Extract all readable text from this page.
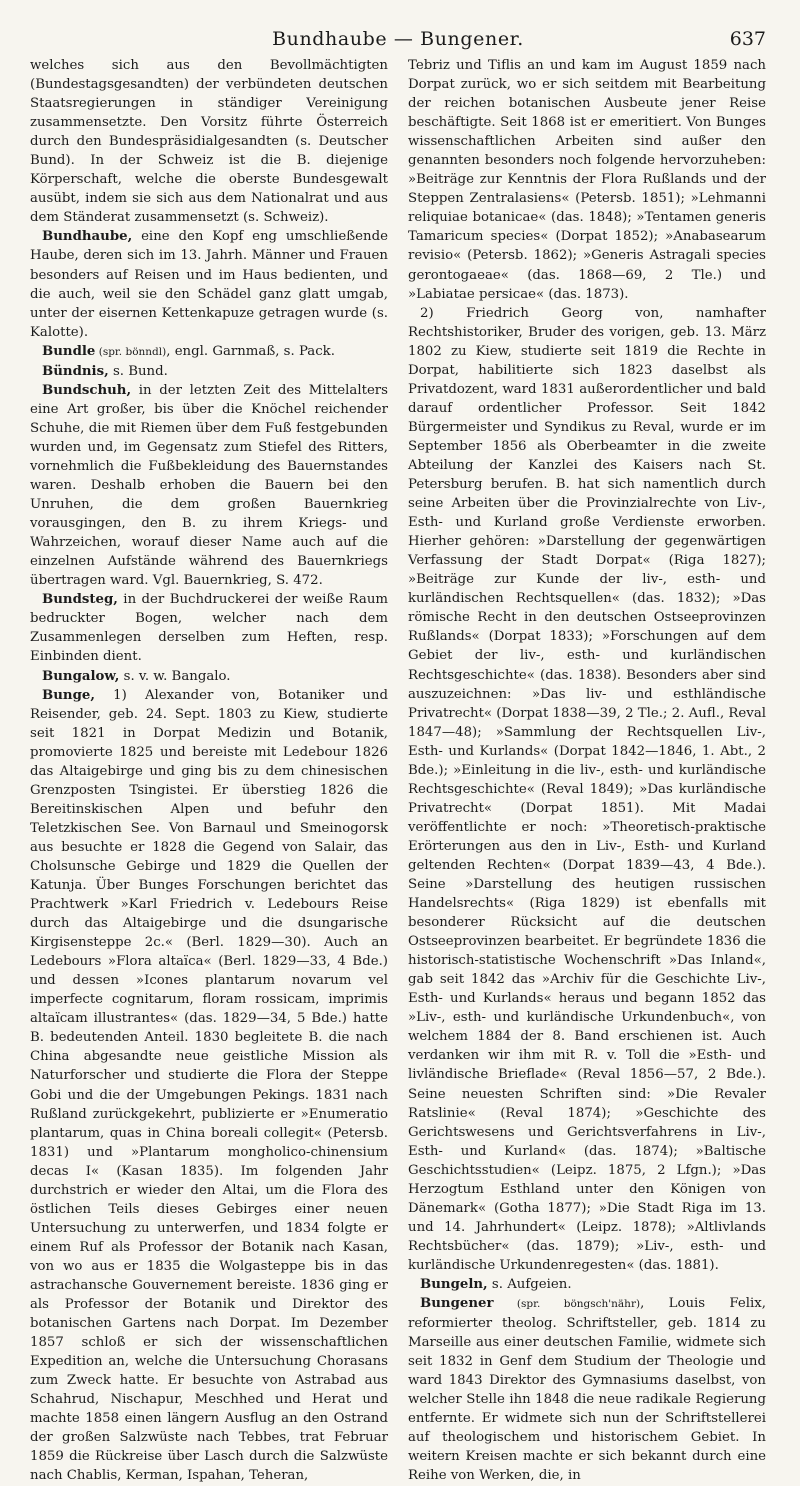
Bundhaube — Bungener.	637

welches sich aus den Bevollmächtigten (Bundestagsgesandten) der verbündeten deutschen Staatsregierungen in ständiger Vereinigung zusammensetzte. Den Vorsitz führte Österreich durch den Bundespräsidialgesandten (s. Deutscher Bund). In der Schweiz ist die B. diejenige Körperschaft, welche die oberste Bundesgewalt ausübt, indem sie sich aus dem Nationalrat und aus dem Ständerat zusammensetzt (s. Schweiz).

Bundhaube, eine den Kopf eng umschließende Haube, deren sich im 13. Jahrh. Männer und Frauen besonders auf Reisen und im Haus bedienten, und die auch, weil sie den Schädel ganz glatt umgab, unter der eisernen Kettenkapuze getragen wurde (s. Kalotte).

Bundle (spr. bönndl), engl. Garnmaß, s. Pack.

Bündnis, s. Bund.

Bundschuh, in der letzten Zeit des Mittelalters eine Art großer, bis über die Knöchel reichender Schuhe, die mit Riemen über dem Fuß festgebunden wurden und, im Gegensatz zum Stiefel des Ritters, vornehmlich die Fußbekleidung des Bauernstandes waren. Deshalb erhoben die Bauern bei den Unruhen, die dem großen Bauernkrieg vorausgingen, den B. zu ihrem Kriegs- und Wahrzeichen, worauf dieser Name auch auf die einzelnen Aufstände während des Bauernkriegs übertragen ward. Vgl. Bauernkrieg, S. 472.

Bundsteg, in der Buchdruckerei der weiße Raum bedruckter Bogen, welcher nach dem Zusammenlegen derselben zum Heften, resp. Einbinden dient.

Bungalow, s. v. w. Bangalo.

Bunge, 1) Alexander von, Botaniker und Reisender, geb. 24. Sept. 1803 zu Kiew, studierte seit 1821 in Dorpat Medizin und Botanik, promovierte 1825 und bereiste mit Ledebour 1826 das Altaigebirge und ging bis zu dem chinesischen Grenzposten Tsingistei. Er überstieg 1826 die Bereitinskischen Alpen und befuhr den Teletzkischen See. Von Barnaul und Smeinogorsk aus besuchte er 1828 die Gegend von Salair, das Cholsunsche Gebirge und 1829 die Quellen der Katunja. Über Bunges Forschungen berichtet das Prachtwerk »Karl Friedrich v. Ledebours Reise durch das Altaigebirge und die dsungarische Kirgisensteppe 2c.« (Berl. 1829—30). Auch an Ledebours »Flora altaïca« (Berl. 1829—33, 4 Bde.) und dessen »Icones plantarum novarum vel imperfecte cognitarum, floram rossicam, imprimis altaïcam illustrantes« (das. 1829—34, 5 Bde.) hatte B. bedeutenden Anteil. 1830 begleitete B. die nach China abgesandte neue geistliche Mission als Naturforscher und studierte die Flora der Steppe Gobi und die der Umgebungen Pekings. 1831 nach Rußland zurückgekehrt, publizierte er »Enumeratio plantarum, quas in China boreali collegit« (Petersb. 1831) und »Plantarum mongholico-chinensium decas I« (Kasan 1835). Im folgenden Jahr durchstrich er wieder den Altai, um die Flora des östlichen Teils dieses Gebirges einer neuen Untersuchung zu unterwerfen, und 1834 folgte er einem Ruf als Professor der Botanik nach Kasan, von wo aus er 1835 die Wolgasteppe bis in das astrachansche Gouvernement bereiste. 1836 ging er als Professor der Botanik und Direktor des botanischen Gartens nach Dorpat. Im Dezember 1857 schloß er sich der wissenschaftlichen Expedition an, welche die Untersuchung Chorasans zum Zweck hatte. Er besuchte von Astrabad aus Schahrud, Nischapur, Meschhed und Herat und machte 1858 einen längern Ausflug an den Ostrand der großen Salzwüste nach Tebbes, trat Februar 1859 die Rückreise über Lasch durch die Salzwüste nach Chablis, Kerman, Ispahan, Teheran,

Tebriz und Tiflis an und kam im August 1859 nach Dorpat zurück, wo er sich seitdem mit Bearbeitung der reichen botanischen Ausbeute jener Reise beschäftigte. Seit 1868 ist er emeritiert. Von Bunges wissenschaftlichen Arbeiten sind außer den genannten besonders noch folgende hervorzuheben: »Beiträge zur Kenntnis der Flora Rußlands und der Steppen Zentralasiens« (Petersb. 1851); »Lehmanni reliquiae botanicae« (das. 1848); »Tentamen generis Tamaricum species« (Dorpat 1852); »Anabasearum revisio« (Petersb. 1862); »Generis Astragali species gerontogaeae« (das. 1868—69, 2 Tle.) und »Labiatae persicae« (das. 1873).

2) Friedrich Georg von, namhafter Rechtshistoriker, Bruder des vorigen, geb. 13. März 1802 zu Kiew, studierte seit 1819 die Rechte in Dorpat, habilitierte sich 1823 daselbst als Privatdozent, ward 1831 außerordentlicher und bald darauf ordentlicher Professor. Seit 1842 Bürgermeister und Syndikus zu Reval, wurde er im September 1856 als Oberbeamter in die zweite Abteilung der Kanzlei des Kaisers nach St. Petersburg berufen. B. hat sich namentlich durch seine Arbeiten über die Provinzialrechte von Liv-, Esth- und Kurland große Verdienste erworben. Hierher gehören: »Darstellung der gegenwärtigen Verfassung der Stadt Dorpat« (Riga 1827); »Beiträge zur Kunde der liv-, esth- und kurländischen Rechtsquellen« (das. 1832); »Das römische Recht in den deutschen Ostseeprovinzen Rußlands« (Dorpat 1833); »Forschungen auf dem Gebiet der liv-, esth- und kurländischen Rechtsgeschichte« (das. 1838). Besonders aber sind auszuzeichnen: »Das liv- und esthländische Privatrecht« (Dorpat 1838—39, 2 Tle.; 2. Aufl., Reval 1847—48); »Sammlung der Rechtsquellen Liv-, Esth- und Kurlands« (Dorpat 1842—1846, 1. Abt., 2 Bde.); »Einleitung in die liv-, esth- und kurländische Rechtsgeschichte« (Reval 1849); »Das kurländische Privatrecht« (Dorpat 1851). Mit Madai veröffentlichte er noch: »Theoretisch-praktische Erörterungen aus den in Liv-, Esth- und Kurland geltenden Rechten« (Dorpat 1839—43, 4 Bde.). Seine »Darstellung des heutigen russischen Handelsrechts« (Riga 1829) ist ebenfalls mit besonderer Rücksicht auf die deutschen Ostseeprovinzen bearbeitet. Er begründete 1836 die historisch-statistische Wochenschrift »Das Inland«, gab seit 1842 das »Archiv für die Geschichte Liv-, Esth- und Kurlands« heraus und begann 1852 das »Liv-, esth- und kurländische Urkundenbuch«, von welchem 1884 der 8. Band erschienen ist. Auch verdanken wir ihm mit R. v. Toll die »Esth- und livländische Brieflade« (Reval 1856—57, 2 Bde.). Seine neuesten Schriften sind: »Die Revaler Ratslinie« (Reval 1874); »Geschichte des Gerichtswesens und Gerichtsverfahrens in Liv-, Esth- und Kurland« (das. 1874); »Baltische Geschichtsstudien« (Leipz. 1875, 2 Lfgn.); »Das Herzogtum Esthland unter den Königen von Dänemark« (Gotha 1877); »Die Stadt Riga im 13. und 14. Jahrhundert« (Leipz. 1878); »Altlivlands Rechtsbücher« (das. 1879); »Liv-, esth- und kurländische Urkundenregesten« (das. 1881).

Bungeln, s. Aufgeien.

Bungener (spr. böngsch'nähr), Louis Felix, reformierter theolog. Schriftsteller, geb. 1814 zu Marseille aus einer deutschen Familie, widmete sich seit 1832 in Genf dem Studium der Theologie und ward 1843 Direktor des Gymnasiums daselbst, von welcher Stelle ihn 1848 die neue radikale Regierung entfernte. Er widmete sich nun der Schriftstellerei auf theologischem und historischem Gebiet. In weitern Kreisen machte er sich bekannt durch eine Reihe von Werken, die, in
